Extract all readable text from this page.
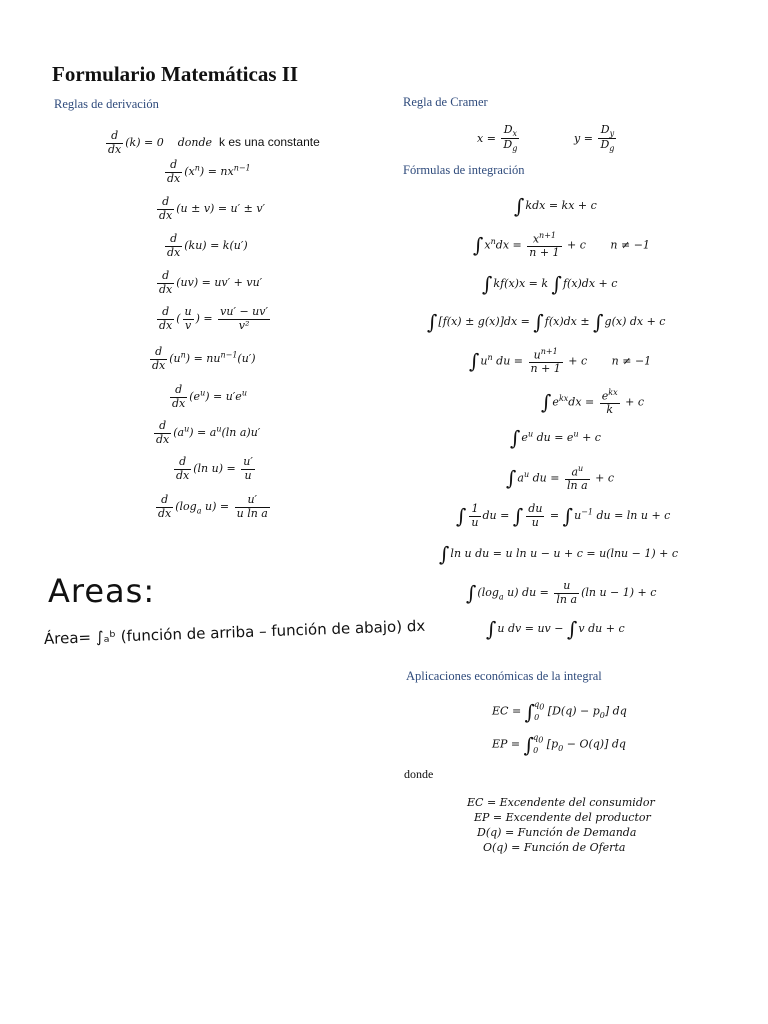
Formulario Matemáticas II
Reglas de derivación	Regla de Cramer
Fórmulas de integración
Aplicaciones económicas de la integral
$\frac{d}{dx} (k) = 0$    donde k es una constante
$\frac{d}{dx} (x^n) = nx^{n-1}$
$\frac{d}{dx} (u \pm v) = u' \pm v'$
$\frac{d}{dx} (ku) = k(u')$
$\frac{d}{dx} (uv) = uv' + vu'$
$\frac{d}{dx}$ ( $\frac{u}{v}$ ) = $\frac{vu' - uv'}{\text{v²}}$
$\frac{d}{dx} (u^n) = nu^{n-1}(u')$
$\frac{d}{dx} (e^u) = u'e^u$
$\frac{d}{dx} (a^u) = a^u(\ln$ a)u′
$\frac{d}{dx} (\ln$ $u) = \frac{u'}{u}$
$\frac{d}{dx} (\log_a$ $u) = \frac{u'}{\text{u ln a}}$
$x = \frac{D_x}{D_g}$	$y = \frac{D_y}{D_g}$
∫kdx = kx + c
$\int x^ndx = \frac{x^{n+1}}{n + 1} + c$       n ≠ −1
∫kf(x)x = k ∫f(x)dx + c
∫[f(x) ± g(x)]dx = ∫f(x)dx ± ∫g(x) dx + c
$\int u^n$ du = $\frac{u^{n+1}}{n + 1} + c$       n ≠ −1
$\int e^{kx}dx = \frac{e^{kx}}{k} + c$
$\int e^u$ du = $e^u + c$
$\int a^u$ du = $\frac{a^u}{\text{ln a}} + c$
∫ $\frac{1}{u}$ du = ∫ $\frac{du}{u} = \int u^{-1}$ du = ln u + c
∫ln u du = u ln u − u + c = u(lnu − 1) + c
$\int(\log_a$ u) du = $\frac{u}{\text{ln a}} (\ln$ u − 1) + c
∫u dv = uv − ∫v du + c
EC = $\int q_0$
0 $[D(q) - p_0]$ dq
EP = $\int q_0$
0 $[p_0 - O(q)]$ dq
donde
EC = Excendente del consumidor
EP = Excendente del productor
D(q) = Función de Demanda
O(q) = Función de Oferta
Areas:
Área= ∫ₐᵇ (función de arriba – función de abajo) dx
